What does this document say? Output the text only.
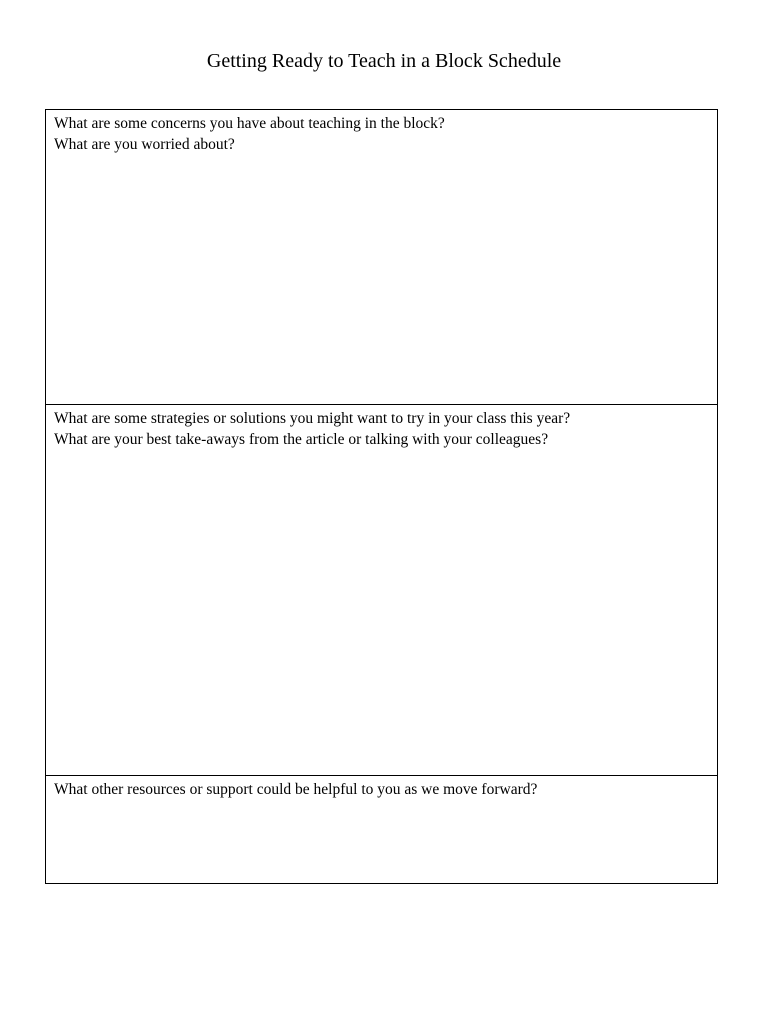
Getting Ready to Teach in a Block Schedule
What are some concerns you have about teaching in the block?
What are you worried about?
What are some strategies or solutions you might want to try in your class this year?
What are your best take-aways from the article or talking with your colleagues?
What other resources or support could be helpful to you as we move forward?
